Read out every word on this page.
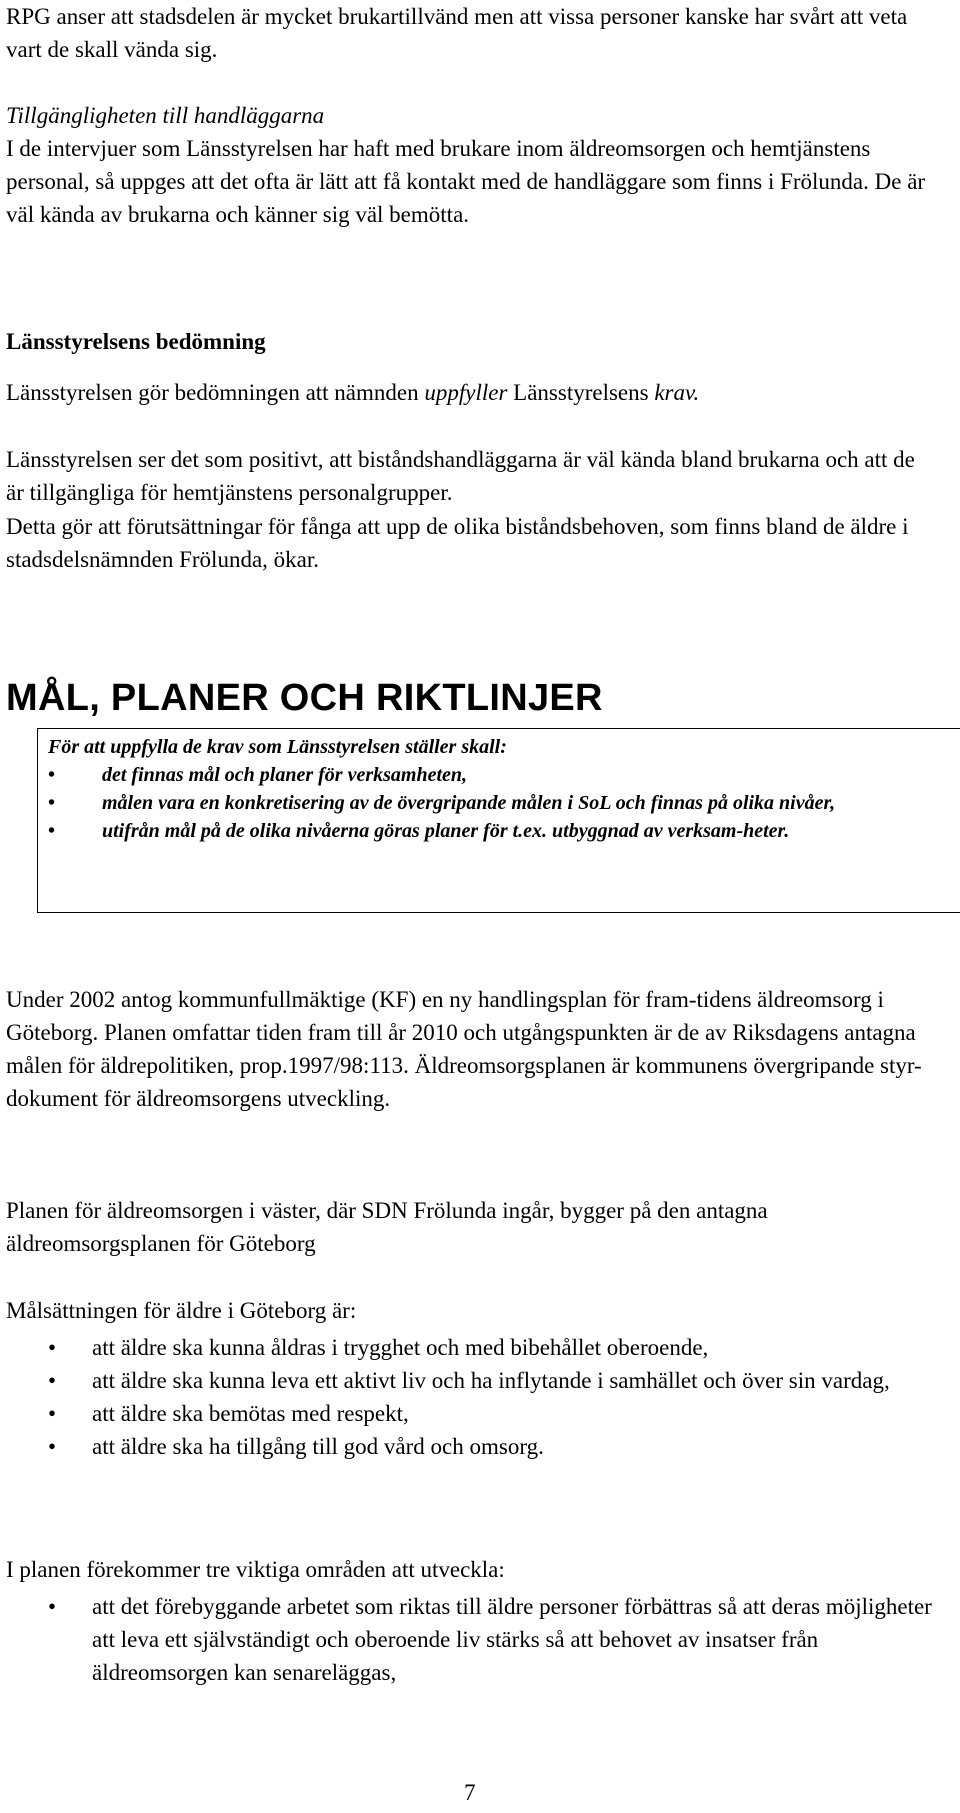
RPG anser att stadsdelen är mycket brukartillvänd men att vissa personer kanske har svårt att veta vart de skall vända sig.

Tillgängligheten till handläggarna

I de intervjuer som Länsstyrelsen har haft med brukare inom äldreomsorgen och hemtjänstens personal, så uppges att det ofta är lätt att få kontakt med de handläggare som finns i Frölunda. De är väl kända av brukarna och känner sig väl bemötta.

Länsstyrelsens bedömning

Länsstyrelsen gör bedömningen att nämnden uppfyller Länsstyrelsens krav.

Länsstyrelsen ser det som positivt, att biståndshandläggarna är väl kända bland brukarna och att de är tillgängliga för hemtjänstens personalgrupper.

Detta gör att förutsättningar för fånga att upp de olika biståndsbehoven, som finns bland de äldre i stadsdelsnämnden Frölunda, ökar.

MÅL, PLANER OCH RIKTLINJER
För att uppfylla de krav som Länsstyrelsen ställer skall:
• det finnas mål och planer för verksamheten,
• målen vara en konkretisering av de övergripande målen i SoL och finnas på olika nivåer,
• utifrån mål på de olika nivåerna göras planer för t.ex. utbyggnad av verksam-heter.

Under 2002 antog kommunfullmäktige (KF) en ny handlingsplan för fram-tidens äldreomsorg i Göteborg. Planen omfattar tiden fram till år 2010 och utgångspunkten är de av Riksdagens antagna målen för äldrepolitiken, prop.1997/98:113. Äldreomsorgsplanen är kommunens övergripande styr-dokument för äldreomsorgens utveckling.

Planen för äldreomsorgen i väster, där SDN Frölunda ingår, bygger på den antagna äldreomsorgsplanen för Göteborg

Målsättningen för äldre i Göteborg är:

• att äldre ska kunna åldras i trygghet och med bibehållet oberoende,
• att äldre ska kunna leva ett aktivt liv och ha inflytande i samhället och över sin vardag,
• att äldre ska bemötas med respekt,
• att äldre ska ha tillgång till god vård och omsorg.

I planen förekommer tre viktiga områden att utveckla:

• att det förebyggande arbetet som riktas till äldre personer förbättras så att deras möjligheter att leva ett självständigt och oberoende liv stärks så att behovet av insatser från äldreomsorgen kan senareläggas,
7
